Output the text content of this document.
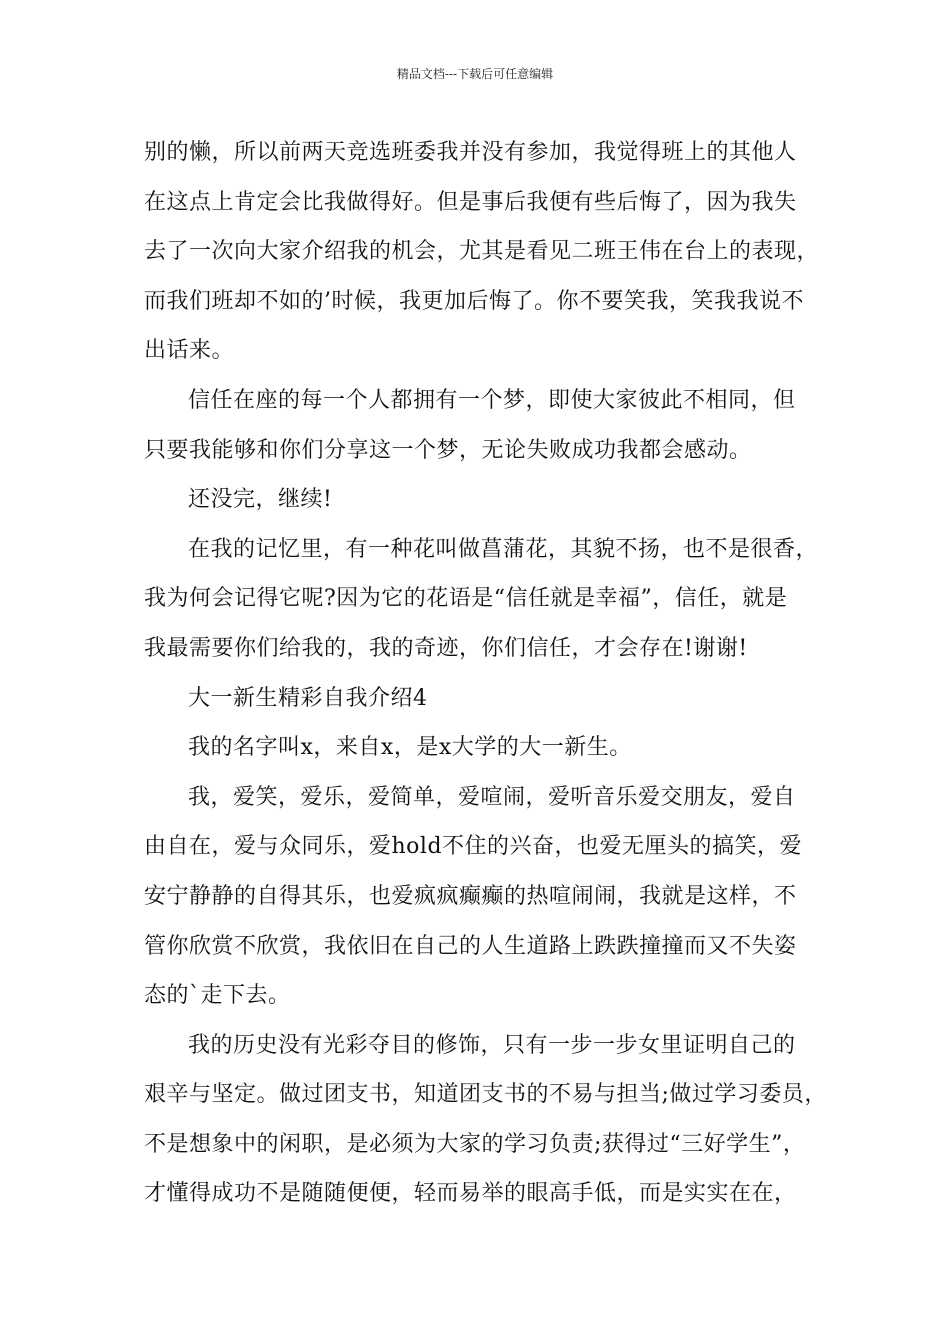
精品文档---下载后可任意编辑
别的懒，所以前两天竞选班委我并没有参加，我觉得班上的其他人
在这点上肯定会比我做得好。但是事后我便有些后悔了，因为我失
去了一次向大家介绍我的机会，尤其是看见二班王伟在台上的表现，
而我们班却不如的’时候，我更加后悔了。你不要笑我，笑我我说不
出话来。
信任在座的每一个人都拥有一个梦，即使大家彼此不相同，但
只要我能够和你们分享这一个梦，无论失败成功我都会感动。
还没完，继续!
在我的记忆里，有一种花叫做菖蒲花，其貌不扬，也不是很香，
我为何会记得它呢?因为它的花语是“信任就是幸福”，信任，就是
我最需要你们给我的，我的奇迹，你们信任，才会存在!谢谢!
大一新生精彩自我介绍4
我的名字叫x，来自x，是x大学的大一新生。
我，爱笑，爱乐，爱简单，爱喧闹，爱听音乐爱交朋友，爱自
由自在，爱与众同乐，爱hold不住的兴奋，也爱无厘头的搞笑，爱
安宁静静的自得其乐，也爱疯疯癫癫的热喧闹闹，我就是这样，不
管你欣赏不欣赏，我依旧在自己的人生道路上跌跌撞撞而又不失姿
态的`走下去。
我的历史没有光彩夺目的修饰，只有一步一步女里证明自己的
艰辛与坚定。做过团支书，知道团支书的不易与担当;做过学习委员，
不是想象中的闲职，是必须为大家的学习负责;获得过“三好学生”，
才懂得成功不是随随便便，轻而易举的眼高手低，而是实实在在，
